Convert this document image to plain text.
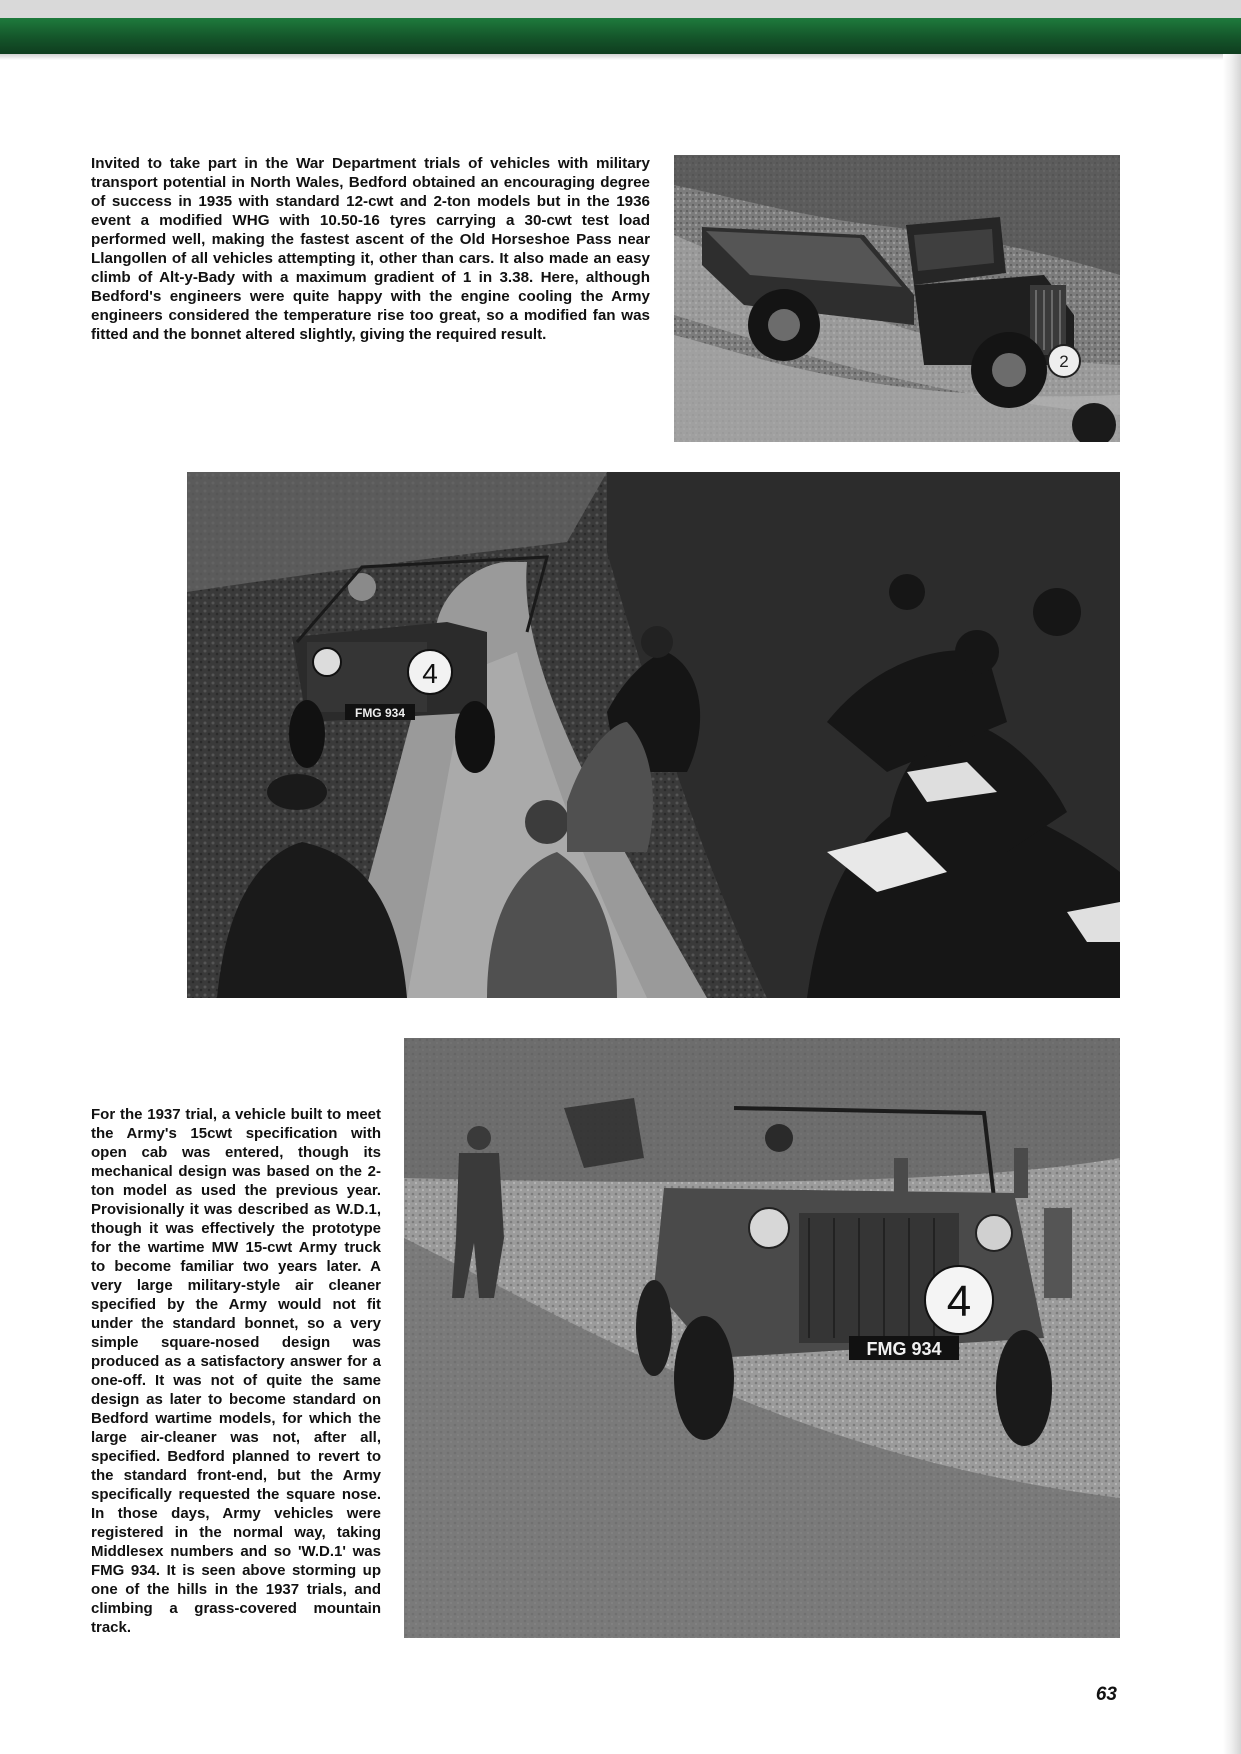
Invited to take part in the War Department trials of vehicles with military transport potential in North Wales, Bedford obtained an encouraging degree of success in 1935 with standard 12-cwt and 2-ton models but in the 1936 event a modified WHG with 10.50-16 tyres carrying a 30-cwt test load performed well, making the fastest ascent of the Old Horseshoe Pass near Llangollen of all vehicles attempting it, other than cars. It also made an easy climb of Alt-y-Bady with a maximum gradient of 1 in 3.38. Here, although Bedford's engineers were quite happy with the engine cooling the Army engineers considered the temperature rise too great, so a modified fan was fitted and the bonnet altered slightly, giving the required result.

2
4
FMG 934
4
FMG 934

For the 1937 trial, a vehicle built to meet the Army's 15cwt specification with open cab was entered, though its mechanical design was based on the 2-ton model as used the previous year. Provisionally it was described as W.D.1, though it was effectively the prototype for the wartime MW 15-cwt Army truck to become familiar two years later. A very large military-style air cleaner specified by the Army would not fit under the standard bonnet, so a very simple square-nosed design was produced as a satisfactory answer for a one-off. It was not of quite the same design as later to become standard on Bedford wartime models, for which the large air-cleaner was not, after all, specified. Bedford planned to revert to the standard front-end, but the Army specifically requested the square nose. In those days, Army vehicles were registered in the normal way, taking Middlesex numbers and so 'W.D.1' was FMG 934. It is seen above storming up one of the hills in the 1937 trials, and climbing a grass-covered mountain track.

63
